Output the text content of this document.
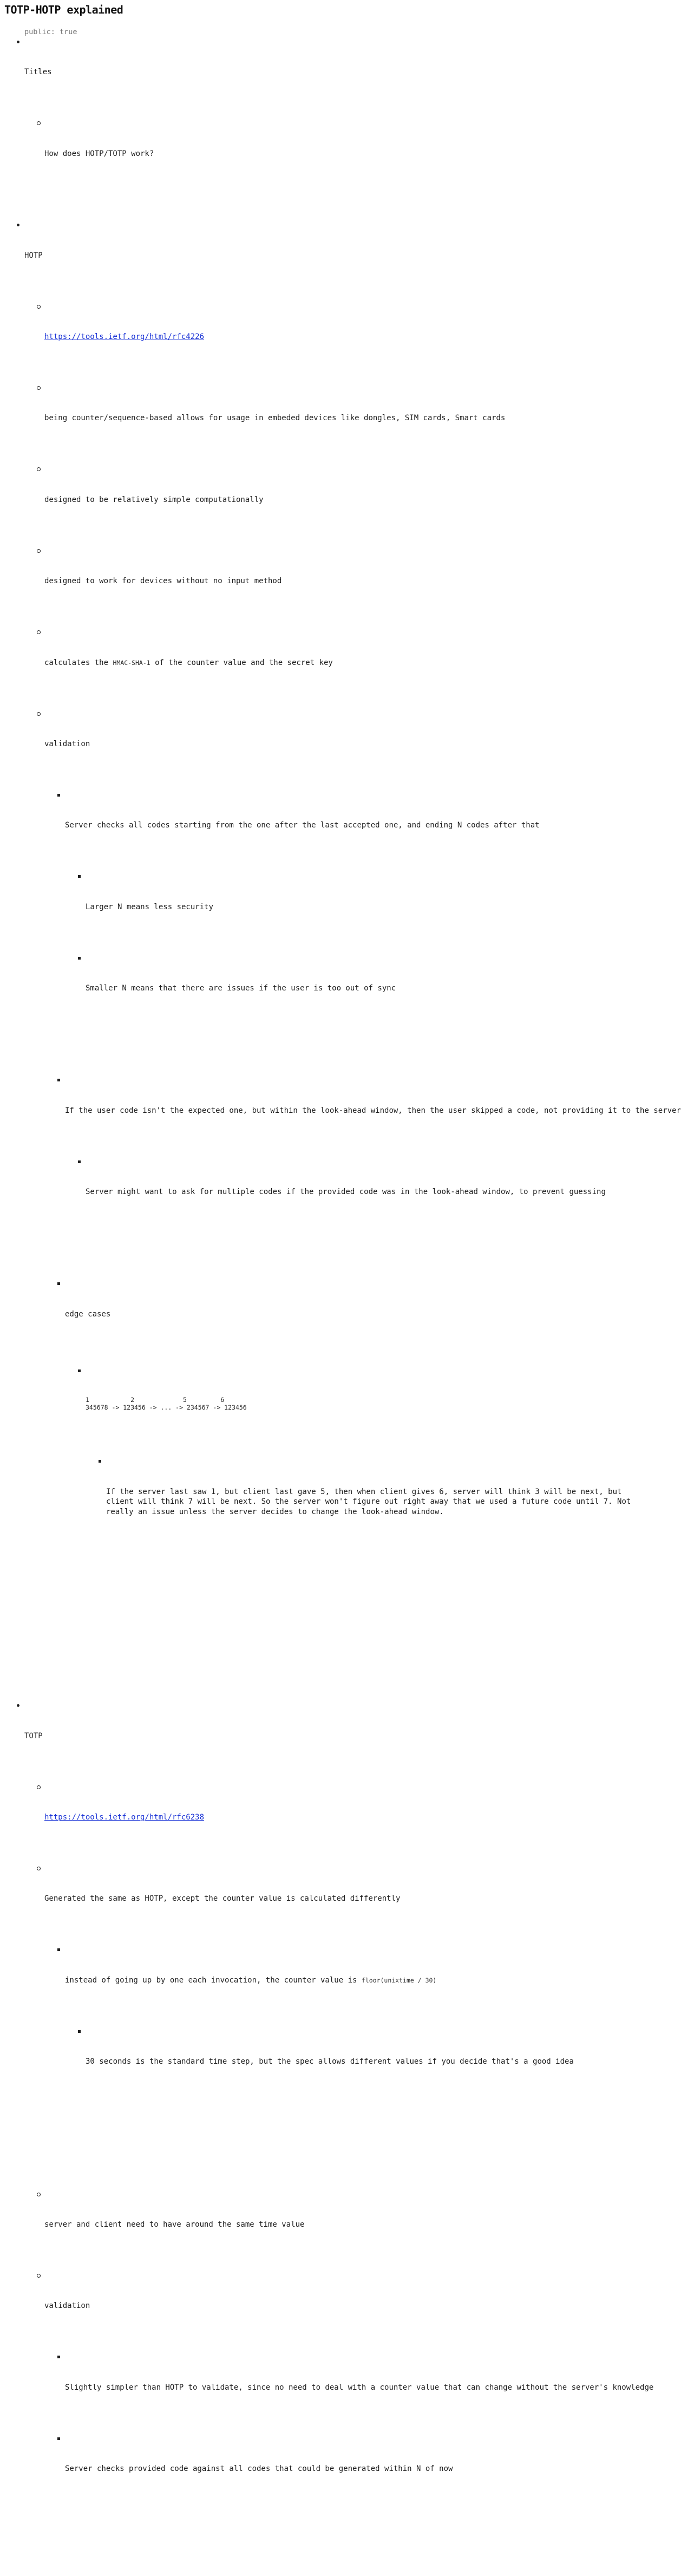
TOTP-HOTP explained
public: true

Titles

How does HOTP/TOTP work?

HOTP

https://tools.ietf.org/html/rfc4226

being counter/sequence-based allows for usage in embeded devices like dongles, SIM cards, Smart cards

designed to be relatively simple computationally

designed to work for devices without no input method

calculates the HMAC-SHA-1 of the counter value and the secret key

validation

Server checks all codes starting from the one after the last accepted one, and ending N codes after that

Larger N means less security

Smaller N means that there are issues if the user is too out of sync

If the user code isn't the expected one, but within the look-ahead window, then the user skipped a code, not providing it to the server

Server might want to ask for multiple codes if the provided code was in the look-ahead window, to prevent guessing

edge cases

1           2             5         6
345678 -> 123456 -> ... -> 234567 -> 123456

If the server last saw 1, but client last gave 5, then when client gives 6, server will think 3 will be next, but client will think 7 will be next. So the server won't figure out right away that we used a future code until 7. Not really an issue unless the server decides to change the look-ahead window.

TOTP

https://tools.ietf.org/html/rfc6238

Generated the same as HOTP, except the counter value is calculated differently

instead of going up by one each invocation, the counter value is floor(unixtime / 30)

30 seconds is the standard time step, but the spec allows different values if you decide that's a good idea

server and client need to have around the same time value

validation

Slightly simpler than HOTP to validate, since no need to deal with a counter value that can change without the server's knowledge

Server checks provided code against all codes that could be generated within N of now
